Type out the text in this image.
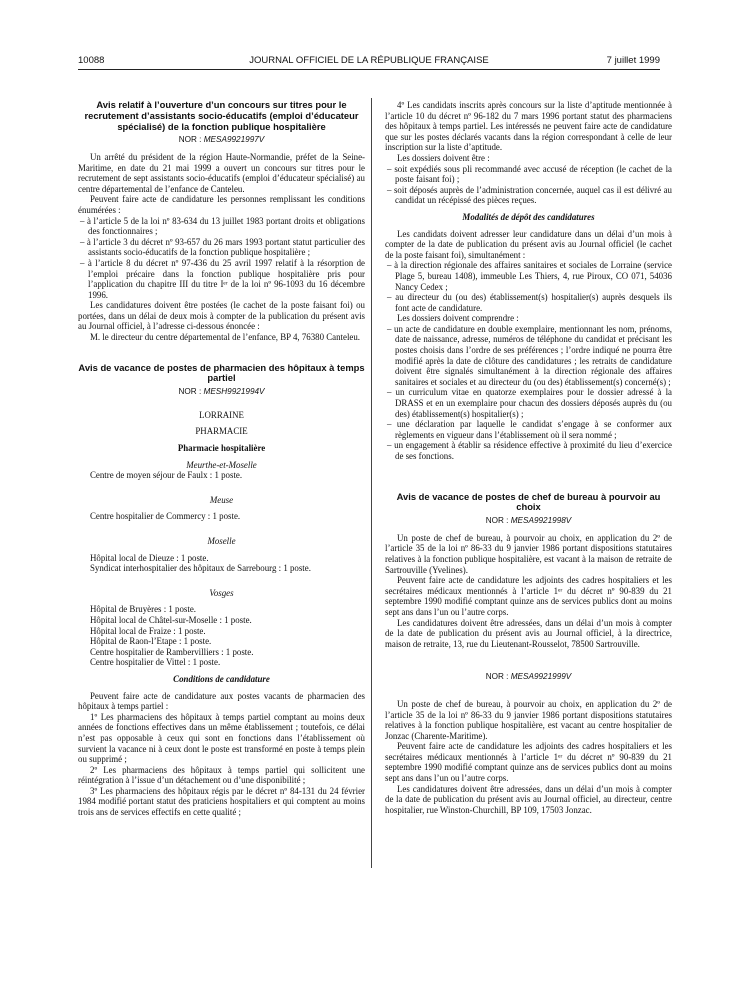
10088	JOURNAL OFFICIEL DE LA RÉPUBLIQUE FRANÇAISE	7 juillet 1999
Avis relatif à l’ouverture d’un concours sur titres pour le recrutement d’assistants socio-éducatifs (emploi d’éducateur spécialisé) de la fonction publique hospitalière
NOR : MESA9921997V

Un arrêté du président de la région Haute-Normandie, préfet de la Seine-Maritime, en date du 21 mai 1999 a ouvert un concours sur titres pour le recrutement de sept assistants socio-éducatifs (emploi d’éducateur spécialisé) au centre départemental de l’enfance de Canteleu.

Peuvent faire acte de candidature les personnes remplissant les conditions énumérées :

– à l’article 5 de la loi nº 83-634 du 13 juillet 1983 portant droits et obligations des fonctionnaires ;

– à l’article 3 du décret nº 93-657 du 26 mars 1993 portant statut particulier des assistants socio-éducatifs de la fonction publique hospitalière ;

– à l’article 8 du décret nº 97-436 du 25 avril 1997 relatif à la résorption de l’emploi précaire dans la fonction publique hospitalière pris pour l’application du chapitre III du titre Iᵉʳ de la loi nº 96-1093 du 16 décembre 1996.

Les candidatures doivent être postées (le cachet de la poste faisant foi) ou portées, dans un délai de deux mois à compter de la publication du présent avis au Journal officiel, à l’adresse ci-dessous énoncée :

M. le directeur du centre départemental de l’enfance, BP 4, 76380 Canteleu.

Avis de vacance de postes de pharmacien des hôpitaux à temps partiel
NOR : MESH9921994V

LORRAINE

PHARMACIE

Pharmacie hospitalière

Meurthe-et-Moselle

Centre de moyen séjour de Faulx : 1 poste.

Meuse

Centre hospitalier de Commercy : 1 poste.

Moselle

Hôpital local de Dieuze : 1 poste.

Syndicat interhospitalier des hôpitaux de Sarrebourg : 1 poste.

Vosges

Hôpital de Bruyères : 1 poste.

Hôpital local de Châtel-sur-Moselle : 1 poste.

Hôpital local de Fraize : 1 poste.

Hôpital de Raon-l’Etape : 1 poste.

Centre hospitalier de Rambervilliers : 1 poste.

Centre hospitalier de Vittel : 1 poste.

Conditions de candidature

Peuvent faire acte de candidature aux postes vacants de pharmacien des hôpitaux à temps partiel :

1º Les pharmaciens des hôpitaux à temps partiel comptant au moins deux années de fonctions effectives dans un même établissement ; toutefois, ce délai n’est pas opposable à ceux qui sont en fonctions dans l’établissement où survient la vacance ni à ceux dont le poste est transformé en poste à temps plein ou supprimé ;

2º Les pharmaciens des hôpitaux à temps partiel qui sollicitent une réintégration à l’issue d’un détachement ou d’une disponibilité ;

3º Les pharmaciens des hôpitaux régis par le décret nº 84-131 du 24 février 1984 modifié portant statut des praticiens hospitaliers et qui comptent au moins trois ans de services effectifs en cette qualité ;

4º Les candidats inscrits après concours sur la liste d’aptitude mentionnée à l’article 10 du décret nº 96-182 du 7 mars 1996 portant statut des pharmaciens des hôpitaux à temps partiel. Les intéressés ne peuvent faire acte de candidature que sur les postes déclarés vacants dans la région correspondant à celle de leur inscription sur la liste d’aptitude.

Les dossiers doivent être :

– soit expédiés sous pli recommandé avec accusé de réception (le cachet de la poste faisant foi) ;

– soit déposés auprès de l’administration concernée, auquel cas il est délivré au candidat un récépissé des pièces reçues.

Modalités de dépôt des candidatures

Les candidats doivent adresser leur candidature dans un délai d’un mois à compter de la date de publication du présent avis au Journal officiel (le cachet de la poste faisant foi), simultanément :

– à la direction régionale des affaires sanitaires et sociales de Lorraine (service Plage 5, bureau 1408), immeuble Les Thiers, 4, rue Piroux, CO 071, 54036 Nancy Cedex ;

– au directeur du (ou des) établissement(s) hospitalier(s) auprès desquels ils font acte de candidature.

Les dossiers doivent comprendre :

– un acte de candidature en double exemplaire, mentionnant les nom, prénoms, date de naissance, adresse, numéros de téléphone du candidat et précisant les postes choisis dans l’ordre de ses préférences ; l’ordre indiqué ne pourra être modifié après la date de clôture des candidatures ; les retraits de candidature doivent être signalés simultanément à la direction régionale des affaires sanitaires et sociales et au directeur du (ou des) établissement(s) concerné(s) ;

– un curriculum vitae en quatorze exemplaires pour le dossier adressé à la DRASS et en un exemplaire pour chacun des dossiers déposés auprès du (ou des) établissement(s) hospitalier(s) ;

– une déclaration par laquelle le candidat s’engage à se conformer aux règlements en vigueur dans l’établissement où il sera nommé ;

– un engagement à établir sa résidence effective à proximité du lieu d’exercice de ses fonctions.

Avis de vacance de postes de chef de bureau à pourvoir au choix
NOR : MESA9921998V

Un poste de chef de bureau, à pourvoir au choix, en application du 2º de l’article 35 de la loi nº 86-33 du 9 janvier 1986 portant dispositions statutaires relatives à la fonction publique hospitalière, est vacant à la maison de retraite de Sartrouville (Yvelines).

Peuvent faire acte de candidature les adjoints des cadres hospitaliers et les secrétaires médicaux mentionnés à l’article 1ᵉʳ du décret nº 90-839 du 21 septembre 1990 modifié comptant quinze ans de services publics dont au moins sept ans dans l’un ou l’autre corps.

Les candidatures doivent être adressées, dans un délai d’un mois à compter de la date de publication du présent avis au Journal officiel, à la directrice, maison de retraite, 13, rue du Lieutenant-Rousselot, 78500 Sartrouville.

NOR : MESA9921999V

Un poste de chef de bureau, à pourvoir au choix, en application du 2º de l’article 35 de la loi nº 86-33 du 9 janvier 1986 portant dispositions statutaires relatives à la fonction publique hospitalière, est vacant au centre hospitalier de Jonzac (Charente-Maritime).

Peuvent faire acte de candidature les adjoints des cadres hospitaliers et les secrétaires médicaux mentionnés à l’article 1ᵉʳ du décret nº 90-839 du 21 septembre 1990 modifié comptant quinze ans de services publics dont au moins sept ans dans l’un ou l’autre corps.

Les candidatures doivent être adressées, dans un délai d’un mois à compter de la date de publication du présent avis au Journal officiel, au directeur, centre hospitalier, rue Winston-Churchill, BP 109, 17503 Jonzac.
